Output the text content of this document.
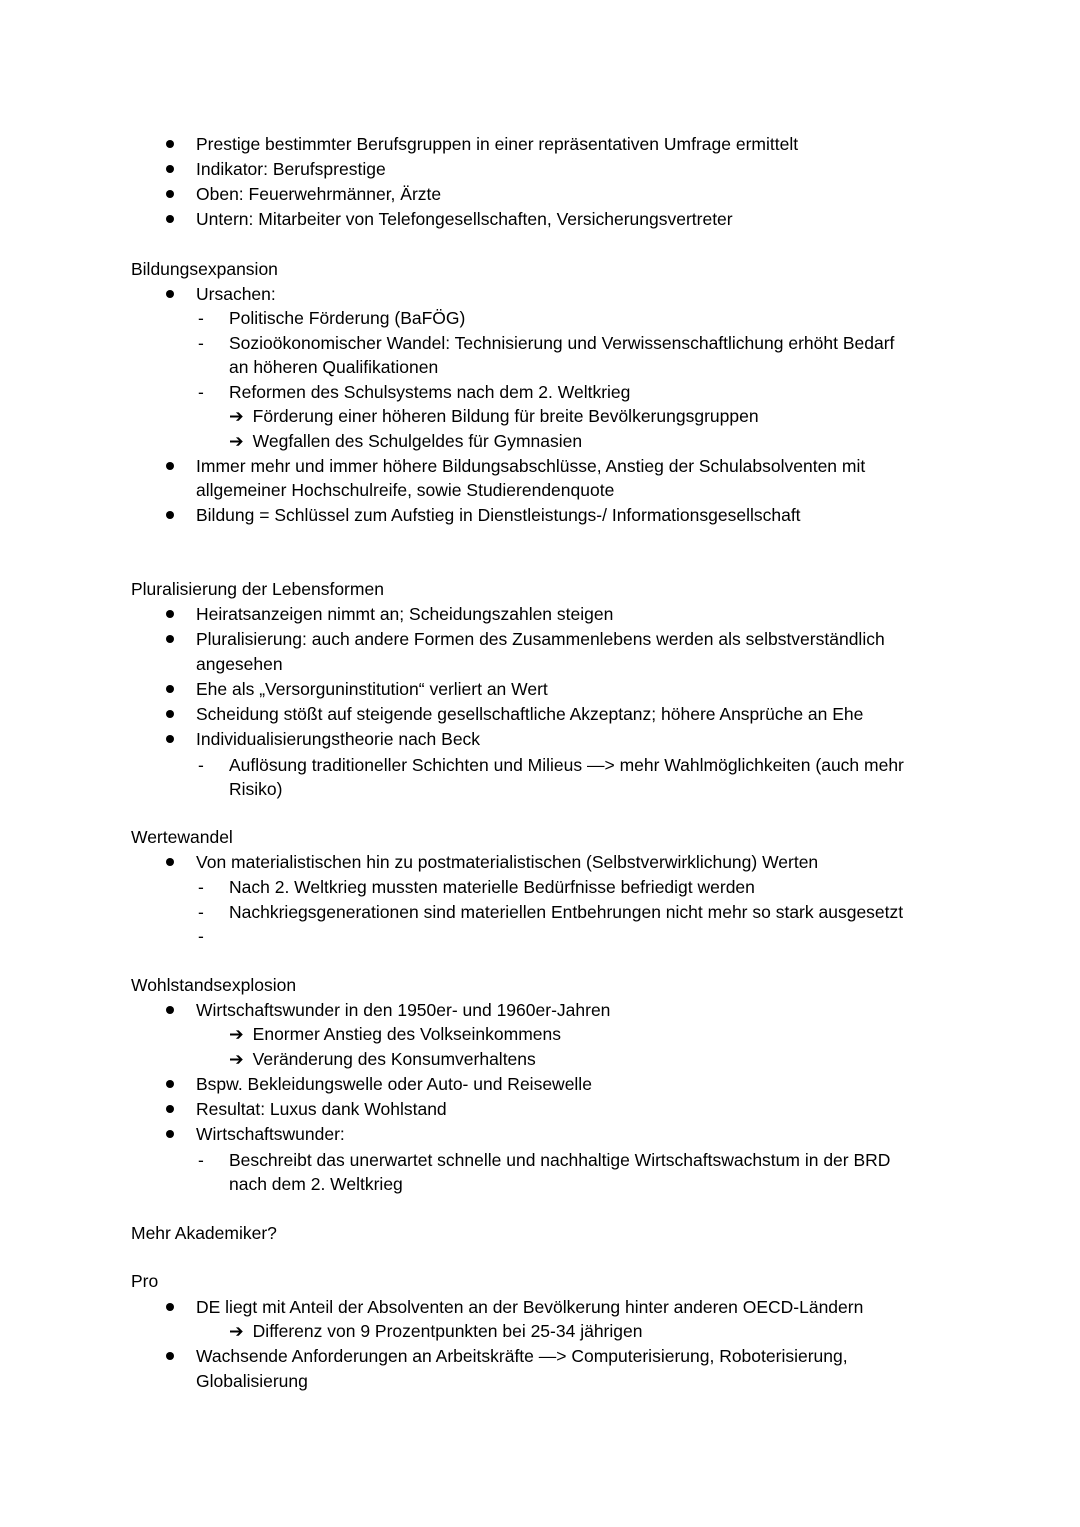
Prestige bestimmter Berufsgruppen in einer repräsentativen Umfrage ermittelt
Indikator: Berufsprestige
Oben: Feuerwehrmänner, Ärzte
Untern: Mitarbeiter von Telefongesellschaften, Versicherungsvertreter
Bildungsexpansion
Ursachen:
- Politische Förderung (BaFÖG)
- Sozioökonomischer Wandel: Technisierung und Verwissenschaftlichung erhöht Bedarf
an höheren Qualifikationen
- Reformen des Schulsystems nach dem 2. Weltkrieg
➔ Förderung einer höheren Bildung für breite Bevölkerungsgruppen
➔ Wegfallen des Schulgeldes für Gymnasien
Immer mehr und immer höhere Bildungsabschlüsse, Anstieg der Schulabsolventen mit
allgemeiner Hochschulreife, sowie Studierendenquote
Bildung = Schlüssel zum Aufstieg in Dienstleistungs-/ Informationsgesellschaft
Pluralisierung der Lebensformen
Heiratsanzeigen nimmt an; Scheidungszahlen steigen
Pluralisierung: auch andere Formen des Zusammenlebens werden als selbstverständlich
angesehen
Ehe als „Versorguninstitution“ verliert an Wert
Scheidung stößt auf steigende gesellschaftliche Akzeptanz; höhere Ansprüche an Ehe
Individualisierungstheorie nach Beck
- Auflösung traditioneller Schichten und Milieus —> mehr Wahlmöglichkeiten (auch mehr
Risiko)
Wertewandel
Von materialistischen hin zu postmaterialistischen (Selbstverwirklichung) Werten
- Nach 2. Weltkrieg mussten materielle Bedürfnisse befriedigt werden
- Nachkriegsgenerationen sind materiellen Entbehrungen nicht mehr so stark ausgesetzt
-
Wohlstandsexplosion
Wirtschaftswunder in den 1950er- und 1960er-Jahren
➔ Enormer Anstieg des Volkseinkommens
➔ Veränderung des Konsumverhaltens
Bspw. Bekleidungswelle oder Auto- und Reisewelle
Resultat: Luxus dank Wohlstand
Wirtschaftswunder:
- Beschreibt das unerwartet schnelle und nachhaltige Wirtschaftswachstum in der BRD
nach dem 2. Weltkrieg
Mehr Akademiker?
Pro
DE liegt mit Anteil der Absolventen an der Bevölkerung hinter anderen OECD-Ländern
➔ Differenz von 9 Prozentpunkten bei 25-34 jährigen
Wachsende Anforderungen an Arbeitskräfte —> Computerisierung, Roboterisierung,
Globalisierung
